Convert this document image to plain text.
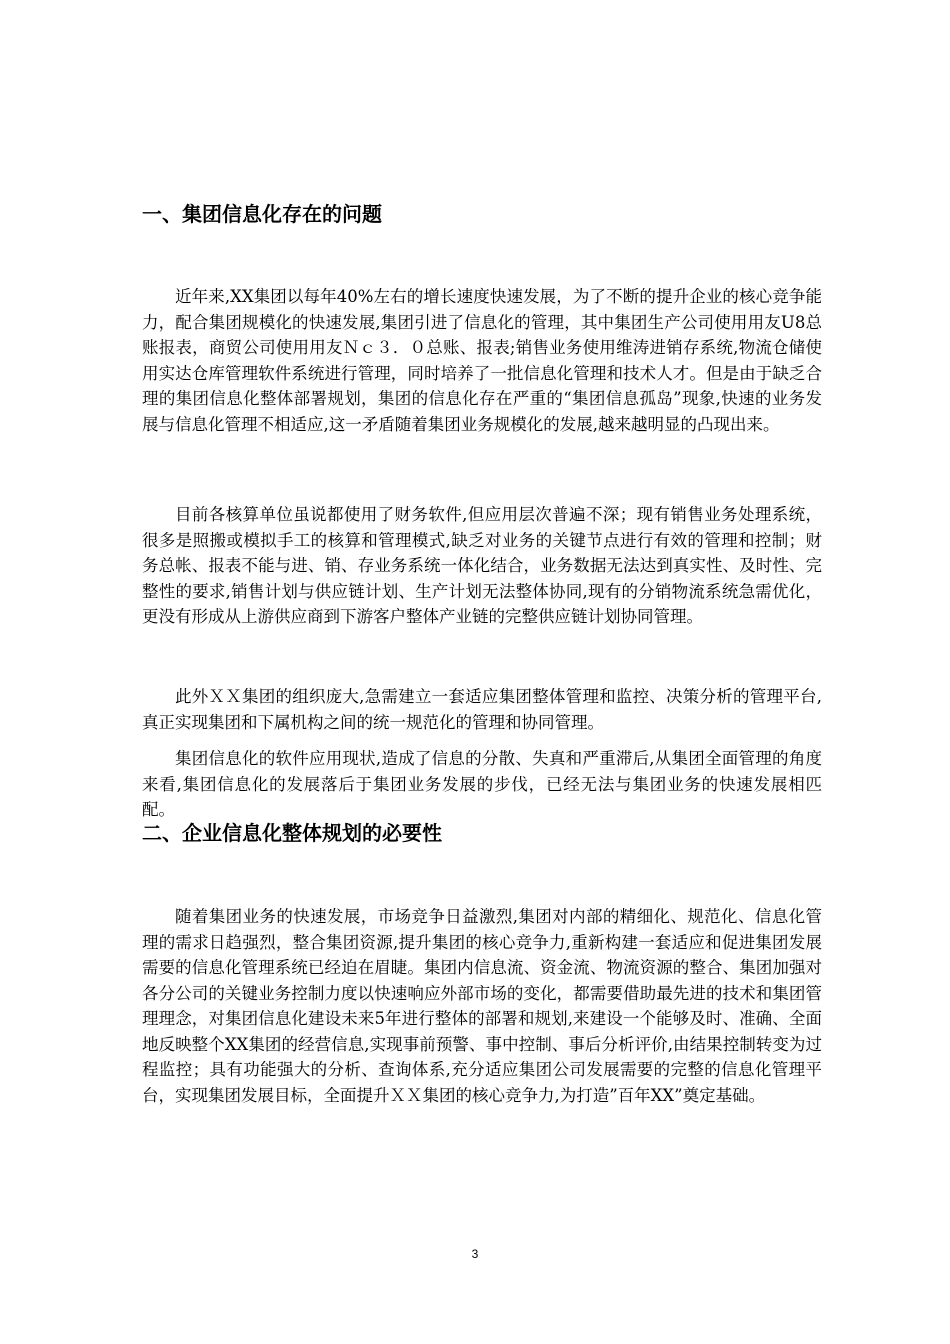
一、集团信息化存在的问题

近年来,XX集团以每年40%左右的增长速度快速发展，为了不断的提升企业的核心竞争能力，配合集团规模化的快速发展,集团引进了信息化的管理，其中集团生产公司使用用友U8总账报表，商贸公司使用用友Ｎｃ３．０总账、报表;销售业务使用维涛进销存系统,物流仓储使用实达仓库管理软件系统进行管理，同时培养了一批信息化管理和技术人才。但是由于缺乏合理的集团信息化整体部署规划，集团的信息化存在严重的“集团信息孤岛”现象,快速的业务发展与信息化管理不相适应,这一矛盾随着集团业务规模化的发展,越来越明显的凸现出来。

目前各核算单位虽说都使用了财务软件,但应用层次普遍不深；现有销售业务处理系统，很多是照搬或模拟手工的核算和管理模式,缺乏对业务的关键节点进行有效的管理和控制；财务总帐、报表不能与进、销、存业务系统一体化结合，业务数据无法达到真实性、及时性、完整性的要求,销售计划与供应链计划、生产计划无法整体协同,现有的分销物流系统急需优化，更没有形成从上游供应商到下游客户整体产业链的完整供应链计划协同管理。

此外ＸＸ集团的组织庞大,急需建立一套适应集团整体管理和监控、决策分析的管理平台,真正实现集团和下属机构之间的统一规范化的管理和协同管理。

集团信息化的软件应用现状,造成了信息的分散、失真和严重滞后,从集团全面管理的角度来看,集团信息化的发展落后于集团业务发展的步伐，已经无法与集团业务的快速发展相匹配。

二、企业信息化整体规划的必要性

随着集团业务的快速发展，市场竞争日益激烈,集团对内部的精细化、规范化、信息化管理的需求日趋强烈，整合集团资源,提升集团的核心竞争力,重新构建一套适应和促进集团发展需要的信息化管理系统已经迫在眉睫。集团内信息流、资金流、物流资源的整合、集团加强对各分公司的关键业务控制力度以快速响应外部市场的变化，都需要借助最先进的技术和集团管理理念，对集团信息化建设未来5年进行整体的部署和规划,来建设一个能够及时、准确、全面地反映整个XX集团的经营信息,实现事前预警、事中控制、事后分析评价,由结果控制转变为过程监控；具有功能强大的分析、查询体系,充分适应集团公司发展需要的完整的信息化管理平台，实现集团发展目标，全面提升ＸＸ集团的核心竞争力,为打造”百年XX”奠定基础。

3
